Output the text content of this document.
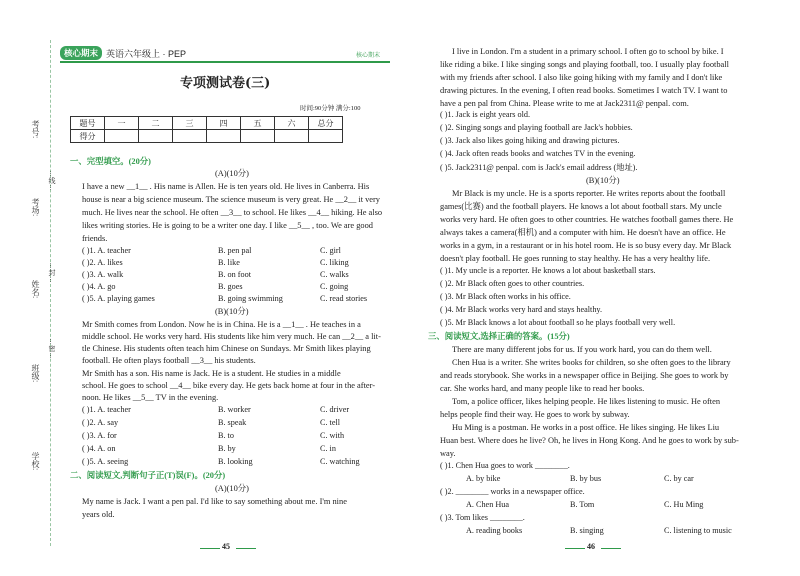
核心期末 英语六年级上 · PEP	核心期末
考号:
考场:
姓名:
班级:
学校:
…线…
…封…
…密…
专项测试卷(三)
时间:90分钟 满分:100
题号	一	二	三	四	五	六	总分
得分							
一、完型填空。(20分)
(A)(10分)
I have a new __1__ . His name is Allen. He is ten years old. He lives in Canberra. His
house is near a big science museum. The science museum is very great. He __2__ it very
much. He lives near the school. He often __3__ to school. He likes __4__ hiking. He also
likes writing stories. He is going to be a writer one day. I like __5__ , too. We are good
friends.
( )1. A. teacher	B. pen pal	C. girl
( )2. A. likes	B. like	C. liking
( )3. A. walk	B. on foot	C. walks
( )4. A. go	B. goes	C. going
( )5. A. playing games	B. going swimming	C. read stories
(B)(10分)
Mr Smith comes from London. Now he is in China. He is a __1__ . He teaches in a
middle school. He works very hard. His students like him very much. He can __2__ a lit-
tle Chinese. His students often teach him Chinese on Sundays. Mr Smith likes playing
football. He often plays football __3__ his students.
Mr Smith has a son. His name is Jack. He is a student. He studies in a middle
school. He goes to school __4__ bike every day. He gets back home at four in the after-
noon. He likes __5__ TV in the evening.
( )1. A. teacher	B. worker	C. driver
( )2. A. say	B. speak	C. tell
( )3. A. for	B. to	C. with
( )4. A. on	B. by	C. in
( )5. A. seeing	B. looking	C. watching
二、阅读短文,判断句子正(T)误(F)。(20分)
(A)(10分)
My name is Jack. I want a pen pal. I'd like to say something about me. I'm nine
years old.
45
I live in London. I'm a student in a primary school. I often go to school by bike. I
like riding a bike. I like singing songs and playing football, too. I usually play football
with my friends after school. I also like going hiking with my family and I don't like
drawing pictures. In the evening, I often read books. Sometimes I watch TV. I want to
have a pen pal from China. Please write to me at Jack2311@ penpal. com.
( )1. Jack is eight years old.
( )2. Singing songs and playing football are Jack's hobbies.
( )3. Jack also likes going hiking and drawing pictures.
( )4. Jack often reads books and watches TV in the evening.
( )5. Jack2311@ penpal. com is Jack's email address (地址).
(B)(10分)
Mr Black is my uncle. He is a sports reporter. He writes reports about the football
games(比赛) and the football players. He knows a lot about football stars. My uncle
works very hard. He often goes to other countries. He watches football games there. He
always takes a camera(相机) and a computer with him. He doesn't have an office. He
works in a gym, in a restaurant or in his hotel room. He is so busy every day. Mr Black
doesn't play football. He goes running to stay healthy. He has a very healthy life.
( )1. My uncle is a reporter. He knows a lot about basketball stars.
( )2. Mr Black often goes to other countries.
( )3. Mr Black often works in his office.
( )4. Mr Black works very hard and stays healthy.
( )5. Mr Black knows a lot about football so he plays football very well.
三、阅读短文,选择正确的答案。(15分)
There are many different jobs for us. If you work hard, you can do them well.
Chen Hua is a writer. She writes books for children, so she often goes to the library
and reads storybook. She works in a newspaper office in Beijing. She goes to work by
car. She works hard, and many people like to read her books.
Tom, a police officer, likes helping people. He likes listening to music. He often
helps people find their way. He goes to work by subway.
Hu Ming is a postman. He works in a post office. He likes singing. He likes Liu
Huan best. Where does he live? Oh, he lives in Hong Kong. And he goes to work by sub-
way.
( )1. Chen Hua goes to work ________.
A. by bike	B. by bus	C. by car
( )2. ________ works in a newspaper office.
A. Chen Hua	B. Tom	C. Hu Ming
( )3. Tom likes ________.
A. reading books	B. singing	C. listening to music
46
